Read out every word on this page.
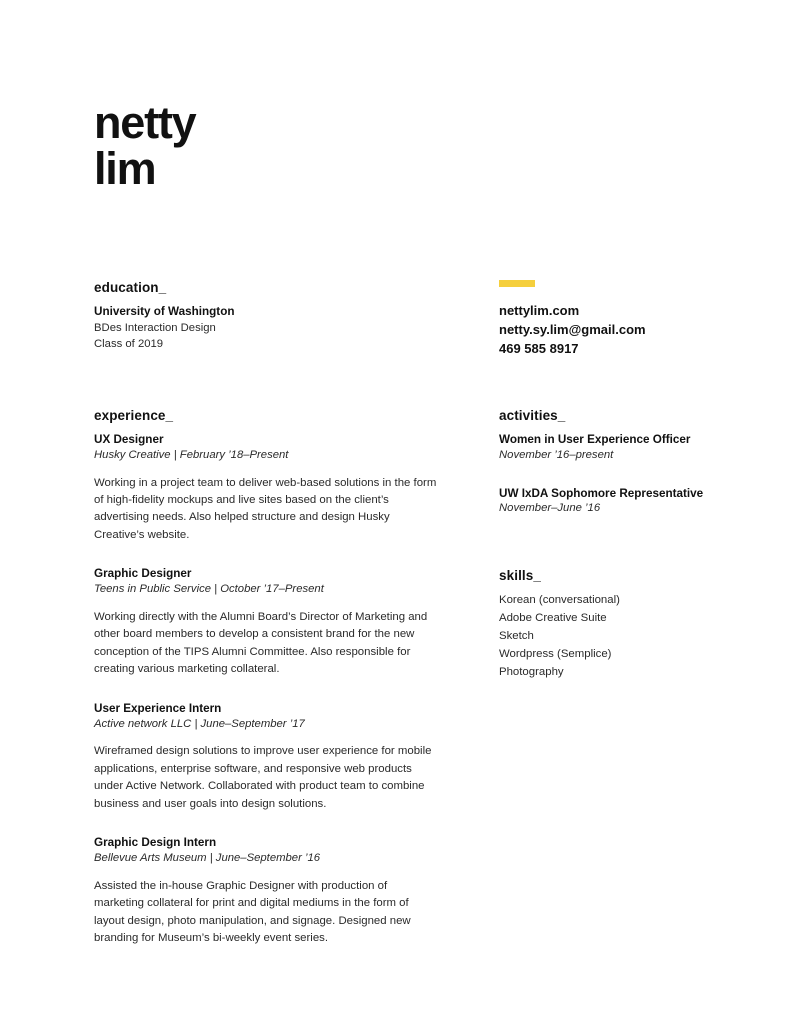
netty
lim
education_

University of Washington

BDes Interaction Design

Class of 2019

experience_

UX Designer

Husky Creative | February ’18–Present

Working in a project team to deliver web-based solutions in the form of high-fidelity mockups and live sites based on the client’s advertising needs. Also helped structure and design Husky Creative’s website.

Graphic Designer

Teens in Public Service | October ’17–Present

Working directly with the Alumni Board’s Director of Marketing and other board members to develop a consistent brand for the new conception of the TIPS Alumni Committee. Also responsible for creating various marketing collateral.

User Experience Intern

Active network LLC | June–September ’17

Wireframed design solutions to improve user experience for mobile applications, enterprise software, and responsive web products under Active Network. Collaborated with product team to combine business and user goals into design solutions.

Graphic Design Intern

Bellevue Arts Museum | June–September ’16

Assisted the in-house Graphic Designer with production of marketing collateral for print and digital mediums in the form of layout design, photo manipulation, and signage. Designed new branding for Museum’s bi-weekly event series.

nettylim.com
netty.sy.lim@gmail.com
469 585 8917
activities_

Women in User Experience Officer

November ’16–present

UW IxDA Sophomore Representative

November–June ’16

skills_
Korean (conversational)
Adobe Creative Suite
Sketch
Wordpress (Semplice)
Photography
